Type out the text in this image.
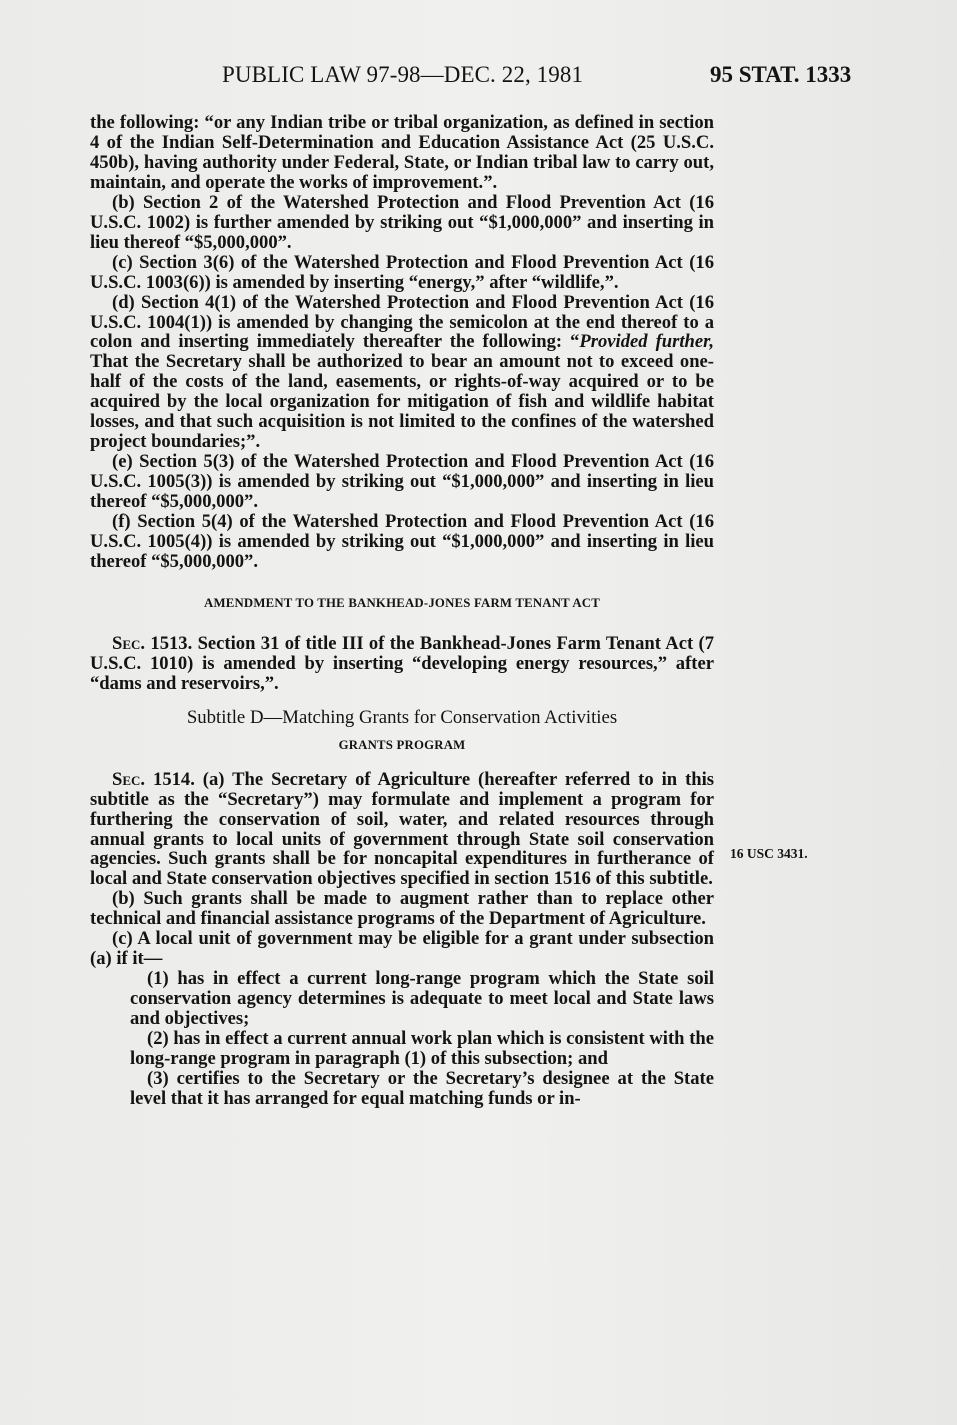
PUBLIC LAW 97-98—DEC. 22, 1981	95 STAT. 1333
16 USC 3431.

the following: “or any Indian tribe or tribal organization, as defined in section 4 of the Indian Self-Determination and Education Assistance Act (25 U.S.C. 450b), having authority under Federal, State, or Indian tribal law to carry out, maintain, and operate the works of improvement.”.

(b) Section 2 of the Watershed Protection and Flood Prevention Act (16 U.S.C. 1002) is further amended by striking out “$1,000,000” and inserting in lieu thereof “$5,000,000”.

(c) Section 3(6) of the Watershed Protection and Flood Prevention Act (16 U.S.C. 1003(6)) is amended by inserting “energy,” after “wildlife,”.

(d) Section 4(1) of the Watershed Protection and Flood Prevention Act (16 U.S.C. 1004(1)) is amended by changing the semicolon at the end thereof to a colon and inserting immediately thereafter the following: “Provided further, That the Secretary shall be authorized to bear an amount not to exceed one-half of the costs of the land, easements, or rights-of-way acquired or to be acquired by the local organization for mitigation of fish and wildlife habitat losses, and that such acquisition is not limited to the confines of the watershed project boundaries;”.

(e) Section 5(3) of the Watershed Protection and Flood Prevention Act (16 U.S.C. 1005(3)) is amended by striking out “$1,000,000” and inserting in lieu thereof “$5,000,000”.

(f) Section 5(4) of the Watershed Protection and Flood Prevention Act (16 U.S.C. 1005(4)) is amended by striking out “$1,000,000” and inserting in lieu thereof “$5,000,000”.

AMENDMENT TO THE BANKHEAD-JONES FARM TENANT ACT

Sec. 1513. Section 31 of title III of the Bankhead-Jones Farm Tenant Act (7 U.S.C. 1010) is amended by inserting “developing energy resources,” after “dams and reservoirs,”.

Subtitle D—Matching Grants for Conservation Activities
GRANTS PROGRAM

Sec. 1514. (a) The Secretary of Agriculture (hereafter referred to in this subtitle as the “Secretary”) may formulate and implement a program for furthering the conservation of soil, water, and related resources through annual grants to local units of government through State soil conservation agencies. Such grants shall be for noncapital expenditures in furtherance of local and State conservation objectives specified in section 1516 of this subtitle.

(b) Such grants shall be made to augment rather than to replace other technical and financial assistance programs of the Department of Agriculture.

(c) A local unit of government may be eligible for a grant under subsection (a) if it—

(1) has in effect a current long-range program which the State soil conservation agency determines is adequate to meet local and State laws and objectives;

(2) has in effect a current annual work plan which is consistent with the long-range program in paragraph (1) of this subsection; and

(3) certifies to the Secretary or the Secretary’s designee at the State level that it has arranged for equal matching funds or in-
